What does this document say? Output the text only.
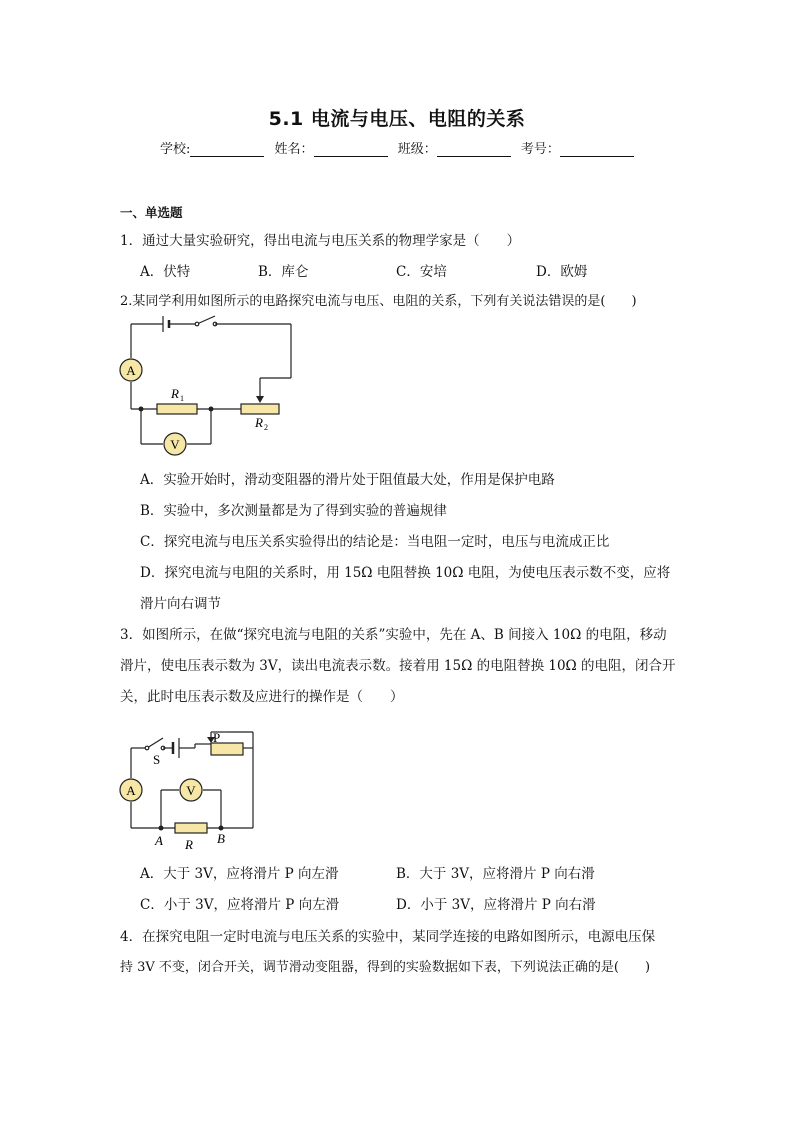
5.1 电流与电压、电阻的关系
学校:	姓名：	班级：	考号：
一、单选题
1．通过大量实验研究，得出电流与电压关系的物理学家是（　　）
A．伏特	B．库仑	C．安培	D．欧姆
2.某同学利用如图所示的电路探究电流与电压、电阻的关系，下列有关说法错误的是(　　)
A
V
R 1
R 2
A．实验开始时，滑动变阻器的滑片处于阻值最大处，作用是保护电路
B．实验中，多次测量都是为了得到实验的普遍规律
C．探究电流与电压关系实验得出的结论是：当电阻一定时，电压与电流成正比
D．探究电流与电阻的关系时，用 15Ω 电阻替换 10Ω 电阻，为使电压表示数不变，应将
滑片向右调节
3．如图所示，在做“探究电流与电阻的关系”实验中，先在 A、B 间接入 10Ω 的电阻，移动
滑片，使电压表示数为 3V，读出电流表示数。接着用 15Ω 的电阻替换 10Ω 的电阻，闭合开
关，此时电压表示数及应进行的操作是（　　）
A	V
P
S
A	B
R
A．大于 3V，应将滑片 P 向左滑	B．大于 3V，应将滑片 P 向右滑
C．小于 3V，应将滑片 P 向左滑	D．小于 3V，应将滑片 P 向右滑
4．在探究电阻一定时电流与电压关系的实验中，某同学连接的电路如图所示，电源电压保
持 3V 不变，闭合开关，调节滑动变阻器，得到的实验数据如下表，下列说法正确的是(　　)
